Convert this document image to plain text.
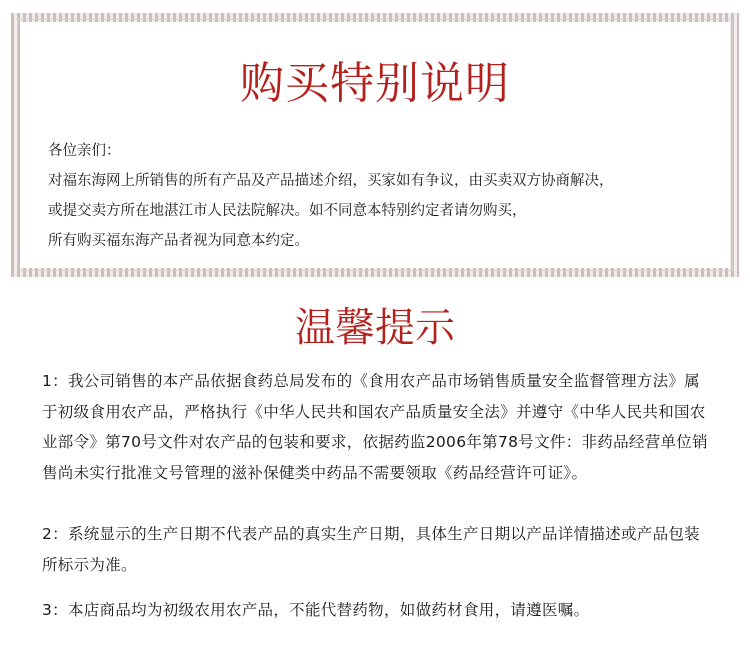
购买特别说明
各位亲们：
对福东海网上所销售的所有产品及产品描述介绍，买家如有争议，由买卖双方协商解决，
或提交卖方所在地湛江市人民法院解决。如不同意本特别约定者请勿购买，
所有购买福东海产品者视为同意本约定。
温馨提示
1：我公司销售的本产品依据食药总局发布的《食用农产品市场销售质量安全监督管理方法》属于初级食用农产品，严格执行《中华人民共和国农产品质量安全法》并遵守《中华人民共和国农业部令》第70号文件对农产品的包装和要求，依据药监2006年第78号文件：非药品经营单位销售尚未实行批准文号管理的滋补保健类中药品不需要领取《药品经营许可证》。
2：系统显示的生产日期不代表产品的真实生产日期，具体生产日期以产品详情描述或产品包装所标示为准。
3：本店商品均为初级农用农产品，不能代替药物，如做药材食用，请遵医嘱。
